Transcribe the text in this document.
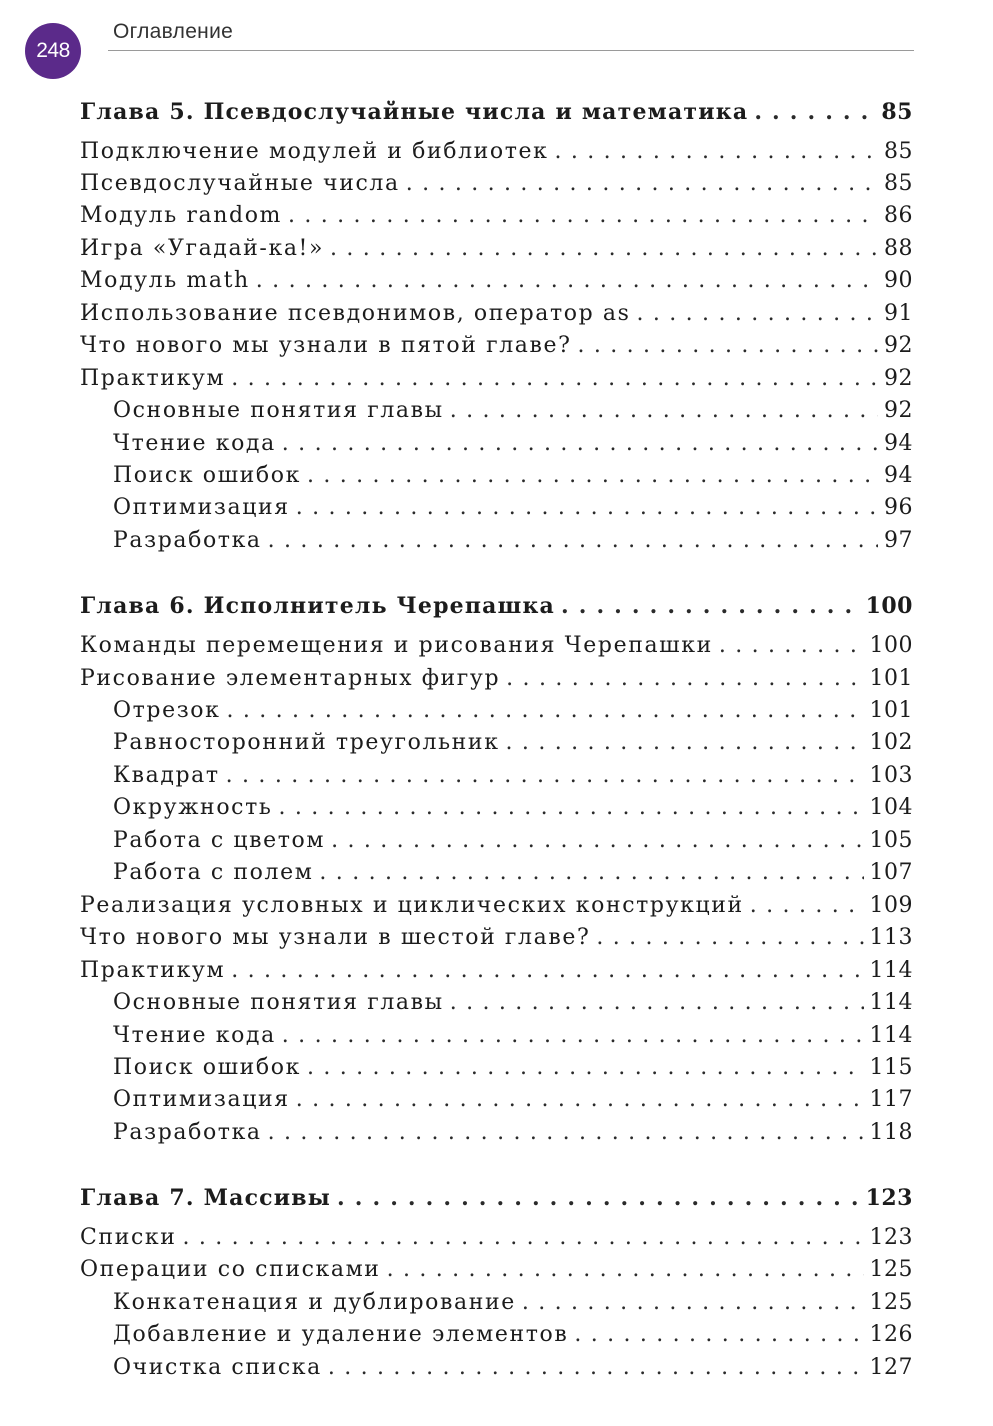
248
Оглавление
Глава 5. Псевдослучайные числа и математика . . .	85
Подключение модулей и библиотек . . .	85
Псевдослучайные числа . . .	85
Модуль random . . .	86
Игра «Угадай-ка!» . . .	88
Модуль math . . .	90
Использование псевдонимов, оператор as . . .	91
Что нового мы узнали в пятой главе? . . .	92
Практикум . . .	92
Основные понятия главы . . .	92
Чтение кода . . .	94
Поиск ошибок . . .	94
Оптимизация . . .	96
Разработка . . .	97
Глава 6. Исполнитель Черепашка . . .	100
Команды перемещения и рисования Черепашки . . .	100
Рисование элементарных фигур . . .	101
Отрезок . . .	101
Равносторонний треугольник . . .	102
Квадрат . . .	103
Окружность . . .	104
Работа с цветом . . .	105
Работа с полем . . .	107
Реализация условных и циклических конструкций . . .	109
Что нового мы узнали в шестой главе? . . .	113
Практикум . . .	114
Основные понятия главы . . .	114
Чтение кода . . .	114
Поиск ошибок . . .	115
Оптимизация . . .	117
Разработка . . .	118
Глава 7. Массивы . . .	123
Списки . . .	123
Операции со списками . . .	125
Конкатенация и дублирование . . .	125
Добавление и удаление элементов . . .	126
Очистка списка . . .	127
